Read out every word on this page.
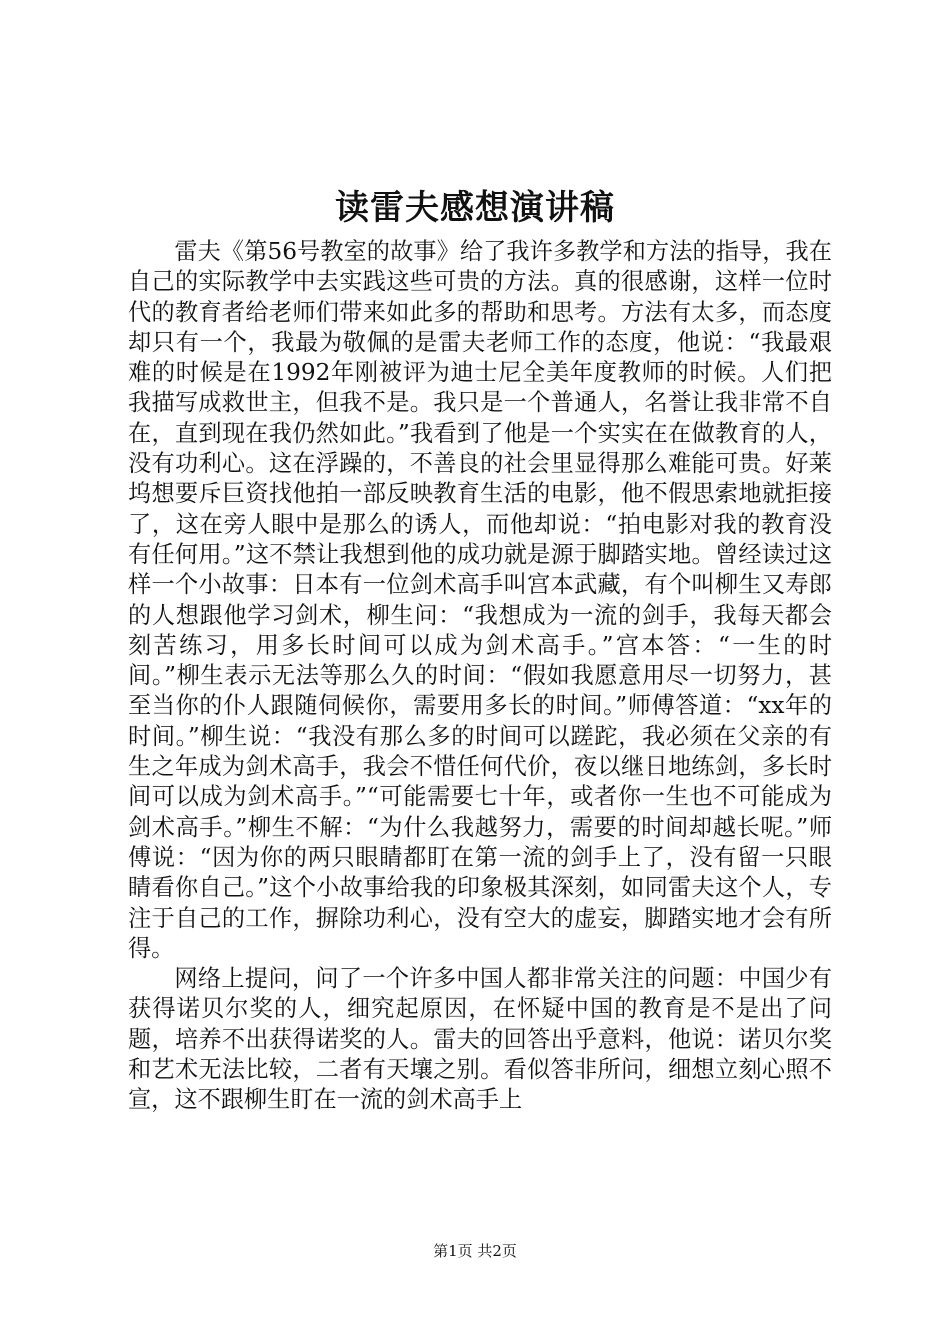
读雷夫感想演讲稿

雷夫《第56号教室的故事》给了我许多教学和方法的指导，我在自己的实际教学中去实践这些可贵的方法。真的很感谢，这样一位时代的教育者给老师们带来如此多的帮助和思考。方法有太多，而态度却只有一个，我最为敬佩的是雷夫老师工作的态度，他说：“我最艰难的时候是在1992年刚被评为迪士尼全美年度教师的时候。人们把我描写成救世主，但我不是。我只是一个普通人，名誉让我非常不自在，直到现在我仍然如此。”我看到了他是一个实实在在做教育的人，没有功利心。这在浮躁的，不善良的社会里显得那么难能可贵。好莱坞想要斥巨资找他拍一部反映教育生活的电影，他不假思索地就拒接了，这在旁人眼中是那么的诱人，而他却说：“拍电影对我的教育没有任何用。”这不禁让我想到他的成功就是源于脚踏实地。曾经读过这样一个小故事：日本有一位剑术高手叫宫本武藏，有个叫柳生又寿郎的人想跟他学习剑术，柳生问：“我想成为一流的剑手，我每天都会刻苦练习，用多长时间可以成为剑术高手。”宫本答：“一生的时间。”柳生表示无法等那么久的时间：“假如我愿意用尽一切努力，甚至当你的仆人跟随伺候你，需要用多长的时间。”师傅答道：“xx年的时间。”柳生说：“我没有那么多的时间可以蹉跎，我必须在父亲的有生之年成为剑术高手，我会不惜任何代价，夜以继日地练剑，多长时间可以成为剑术高手。”“可能需要七十年，或者你一生也不可能成为剑术高手。”柳生不解：“为什么我越努力，需要的时间却越长呢。”师傅说：“因为你的两只眼睛都盯在第一流的剑手上了，没有留一只眼睛看你自己。”这个小故事给我的印象极其深刻，如同雷夫这个人，专注于自己的工作，摒除功利心，没有空大的虚妄，脚踏实地才会有所得。

网络上提问，问了一个许多中国人都非常关注的问题：中国少有获得诺贝尔奖的人，细究起原因，在怀疑中国的教育是不是出了问题，培养不出获得诺奖的人。雷夫的回答出乎意料，他说：诺贝尔奖和艺术无法比较，二者有天壤之别。看似答非所问，细想立刻心照不宣，这不跟柳生盯在一流的剑术高手上

第1页 共2页
